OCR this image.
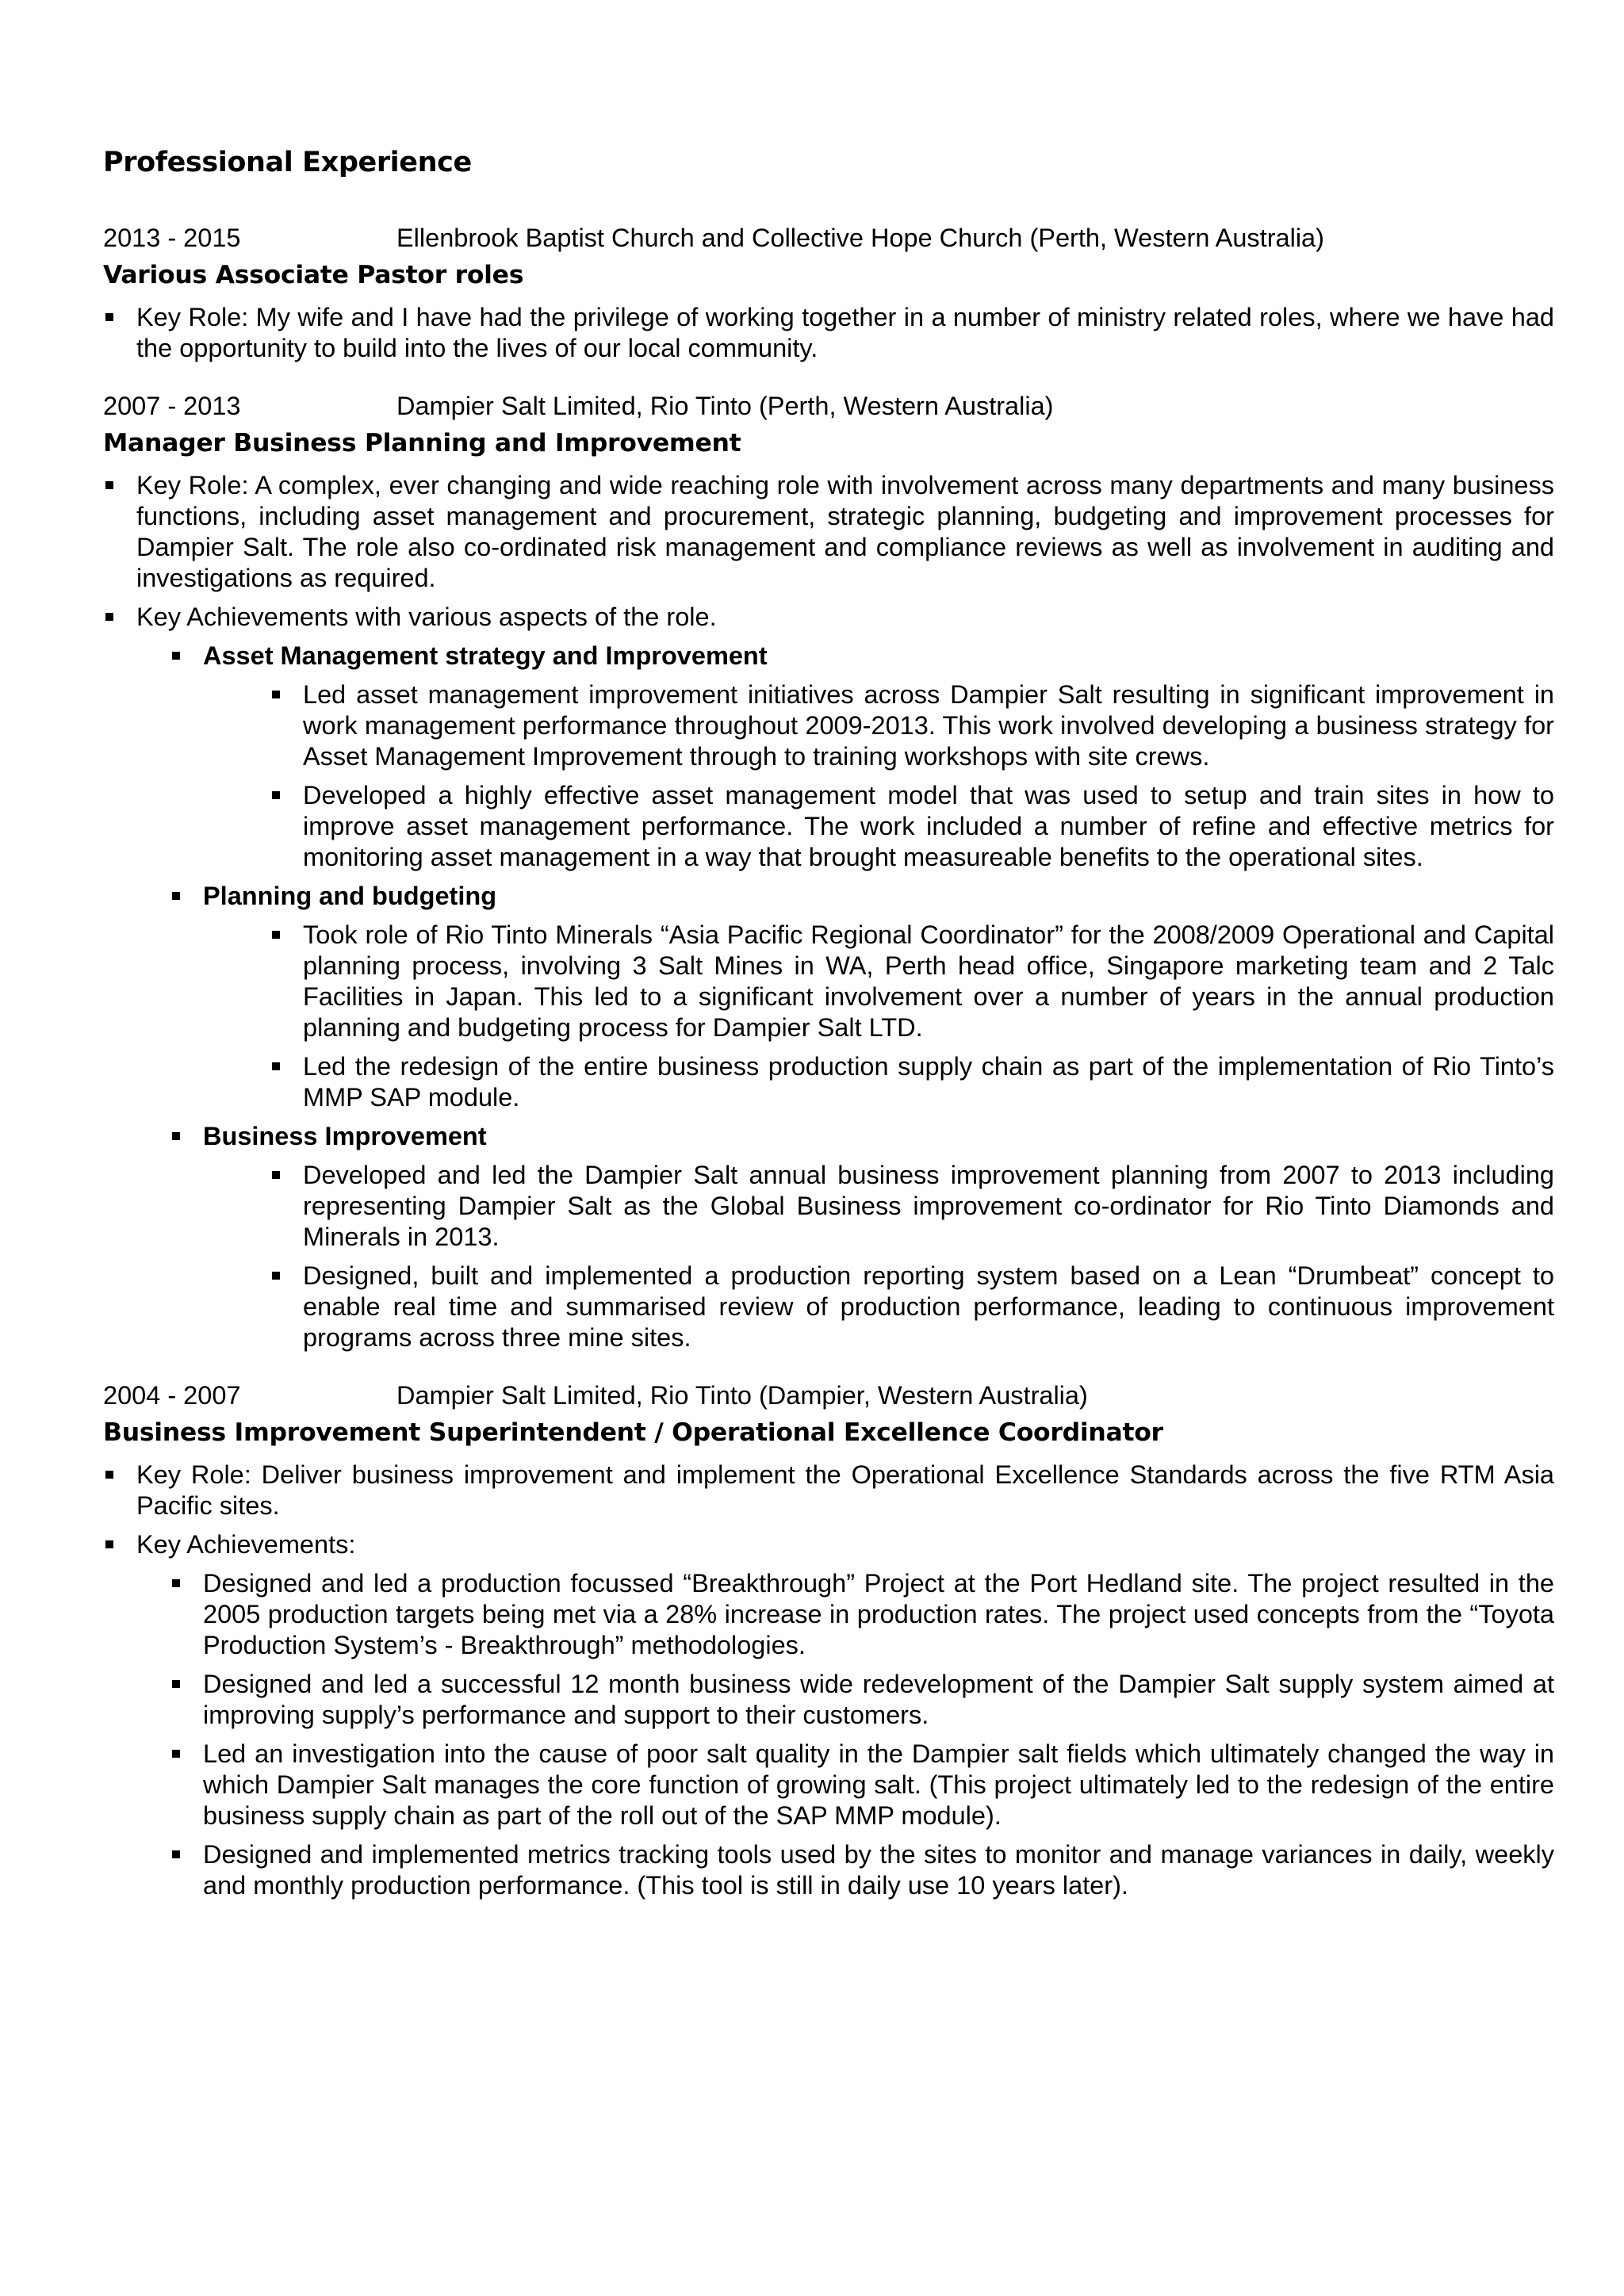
Professional Experience
2013 - 2015	Ellenbrook Baptist Church and Collective Hope Church (Perth, Western Australia)
Various Associate Pastor roles
Key Role: My wife and I have had the privilege of working together in a number of ministry related roles, where we have had the opportunity to build into the lives of our local community.
2007 - 2013	Dampier Salt Limited, Rio Tinto (Perth, Western Australia)
Manager Business Planning and Improvement
Key Role: A complex, ever changing and wide reaching role with involvement across many departments and many business functions, including asset management and procurement, strategic planning, budgeting and improvement processes for Dampier Salt. The role also co-ordinated risk management and compliance reviews as well as involvement in auditing and investigations as required.
Key Achievements with various aspects of the role.
Asset Management strategy and Improvement
Led asset management improvement initiatives across Dampier Salt resulting in significant improvement in work management performance throughout 2009-2013. This work involved developing a business strategy for Asset Management Improvement through to training workshops with site crews.
Developed a highly effective asset management model that was used to setup and train sites in how to improve asset management performance. The work included a number of refine and effective metrics for monitoring asset management in a way that brought measureable benefits to the operational sites.
Planning and budgeting
Took role of Rio Tinto Minerals “Asia Pacific Regional Coordinator” for the 2008/2009 Operational and Capital planning process, involving 3 Salt Mines in WA, Perth head office, Singapore marketing team and 2 Talc Facilities in Japan. This led to a significant involvement over a number of years in the annual production planning and budgeting process for Dampier Salt LTD.
Led the redesign of the entire business production supply chain as part of the implementation of Rio Tinto’s MMP SAP module.
Business Improvement
Developed and led the Dampier Salt annual business improvement planning from 2007 to 2013 including representing Dampier Salt as the Global Business improvement co-ordinator for Rio Tinto Diamonds and Minerals in 2013.
Designed, built and implemented a production reporting system based on a Lean “Drumbeat” concept to enable real time and summarised review of production performance, leading to continuous improvement programs across three mine sites.
2004 - 2007	Dampier Salt Limited, Rio Tinto (Dampier, Western Australia)
Business Improvement Superintendent / Operational Excellence Coordinator
Key Role: Deliver business improvement and implement the Operational Excellence Standards across the five RTM Asia Pacific sites.
Key Achievements:
Designed and led a production focussed “Breakthrough” Project at the Port Hedland site. The project resulted in the 2005 production targets being met via a 28% increase in production rates. The project used concepts from the “Toyota Production System’s - Breakthrough” methodologies.
Designed and led a successful 12 month business wide redevelopment of the Dampier Salt supply system aimed at improving supply’s performance and support to their customers.
Led an investigation into the cause of poor salt quality in the Dampier salt fields which ultimately changed the way in which Dampier Salt manages the core function of growing salt. (This project ultimately led to the redesign of the entire business supply chain as part of the roll out of the SAP MMP module).
Designed and implemented metrics tracking tools used by the sites to monitor and manage variances in daily, weekly and monthly production performance. (This tool is still in daily use 10 years later).
